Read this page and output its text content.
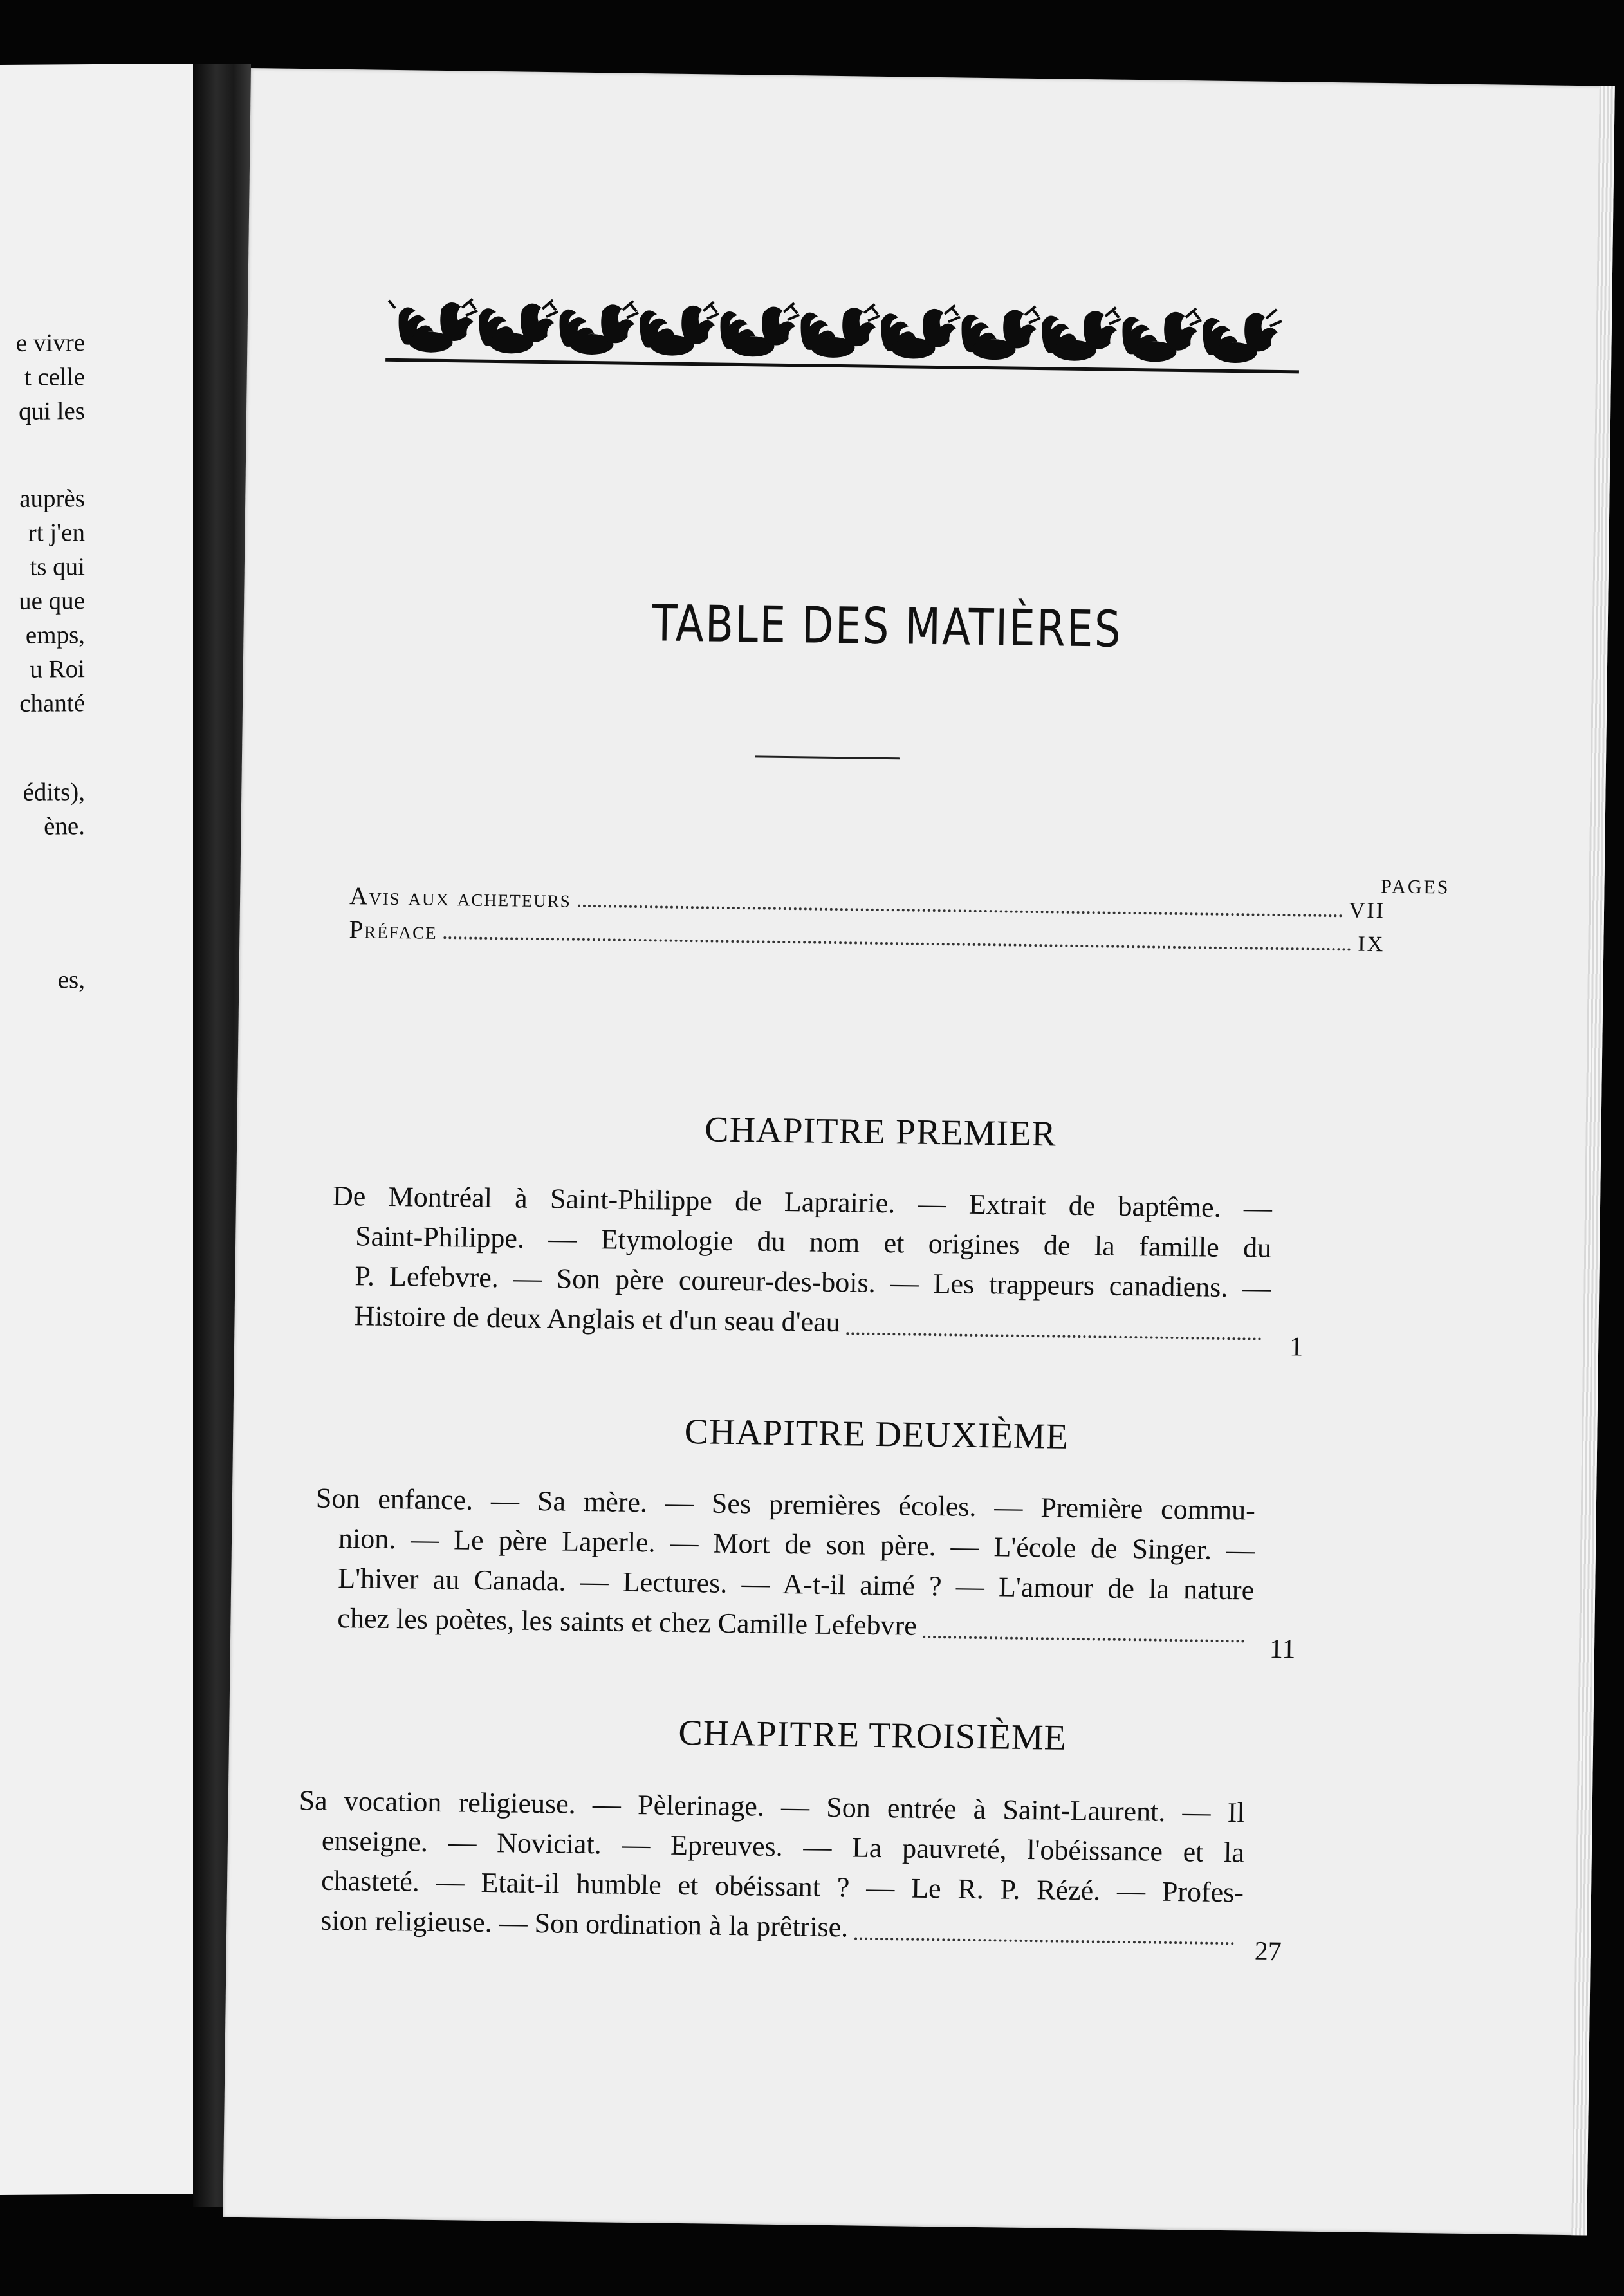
e vivre
t celle
qui les
auprès
rt j'en
ts qui
ue que
emps,
u Roi
chanté
édits),
ène.
es,
TABLE DES MATIÈRES
PAGES
Avis aux acheteurs	VII
Préface	IX
CHAPITRE PREMIER
De Montréal à Saint-Philippe de Laprairie. — Extrait de baptême. —
Saint-Philippe. — Etymologie du nom et origines de la famille du
P. Lefebvre. — Son père coureur-des-bois. — Les trappeurs canadiens. —
Histoire de deux Anglais et d'un seau d'eau
1
CHAPITRE DEUXIÈME
Son enfance. — Sa mère. — Ses premières écoles. — Première commu-
nion. — Le père Laperle. — Mort de son père. — L'école de Singer. —
L'hiver au Canada. — Lectures. — A-t-il aimé ? — L'amour de la nature
chez les poètes, les saints et chez Camille Lefebvre
11
CHAPITRE TROISIÈME
Sa vocation religieuse. — Pèlerinage. — Son entrée à Saint-Laurent. — Il
enseigne. — Noviciat. — Epreuves. — La pauvreté, l'obéissance et la
chasteté. — Etait-il humble et obéissant ? — Le R. P. Rézé. — Profes-
sion religieuse. — Son ordination à la prêtrise.
27
